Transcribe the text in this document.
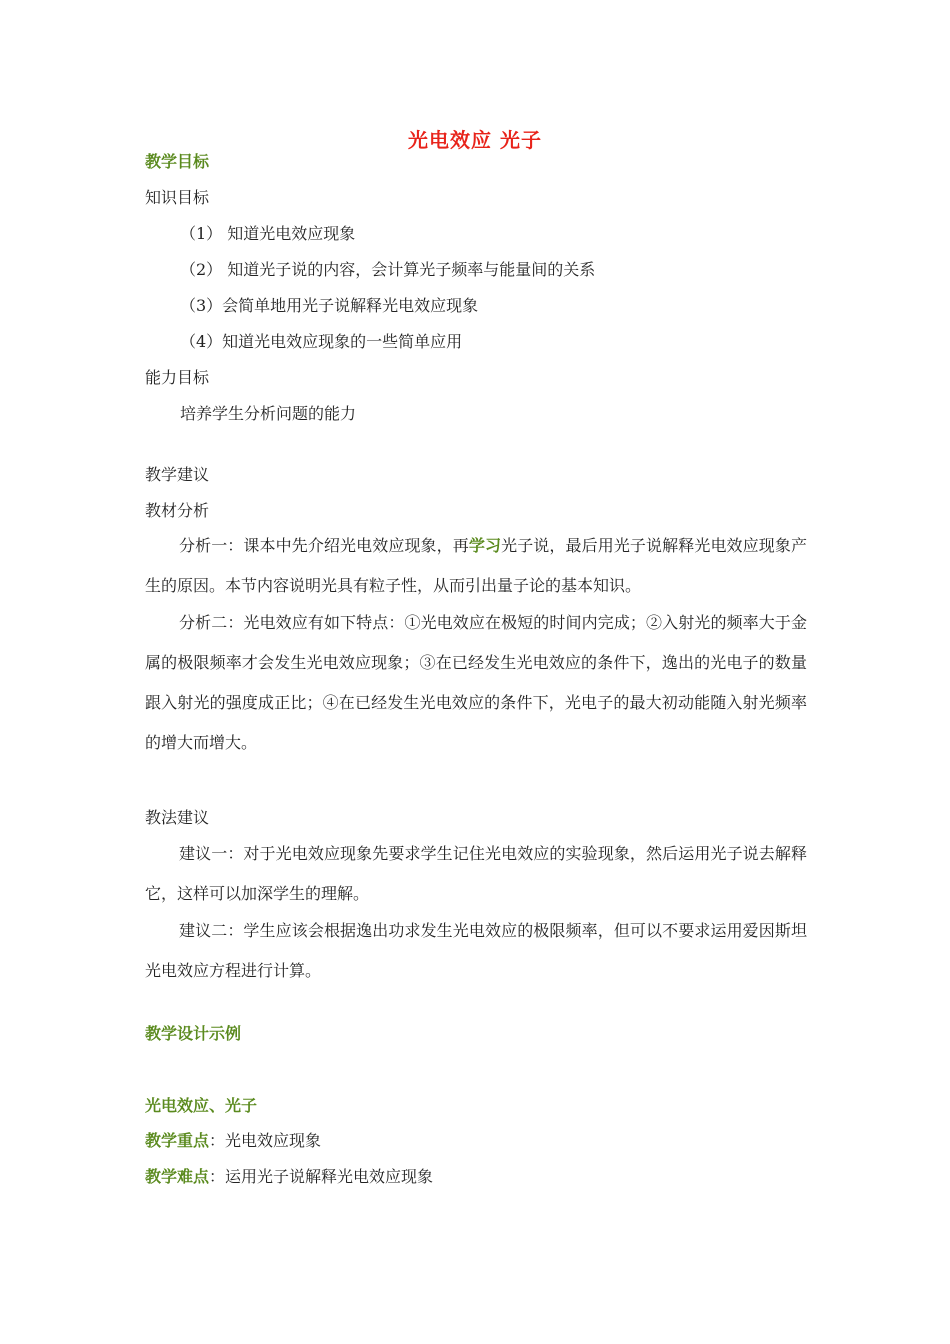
光电效应 光子
教学目标
知识目标
（1） 知道光电效应现象
（2） 知道光子说的内容，会计算光子频率与能量间的关系
（3）会简单地用光子说解释光电效应现象
（4）知道光电效应现象的一些简单应用
能力目标
培养学生分析问题的能力
教学建议
教材分析
分析一：课本中先介绍光电效应现象，再学习光子说，最后用光子说解释光电效应现象产生的原因。本节内容说明光具有粒子性，从而引出量子论的基本知识。
分析二：光电效应有如下特点：①光电效应在极短的时间内完成；②入射光的频率大于金属的极限频率才会发生光电效应现象；③在已经发生光电效应的条件下，逸出的光电子的数量跟入射光的强度成正比；④在已经发生光电效应的条件下，光电子的最大初动能随入射光频率的增大而增大。
教法建议
建议一：对于光电效应现象先要求学生记住光电效应的实验现象，然后运用光子说去解释它，这样可以加深学生的理解。
建议二：学生应该会根据逸出功求发生光电效应的极限频率，但可以不要求运用爱因斯坦光电效应方程进行计算。
教学设计示例
光电效应、光子
教学重点：光电效应现象
教学难点：运用光子说解释光电效应现象
